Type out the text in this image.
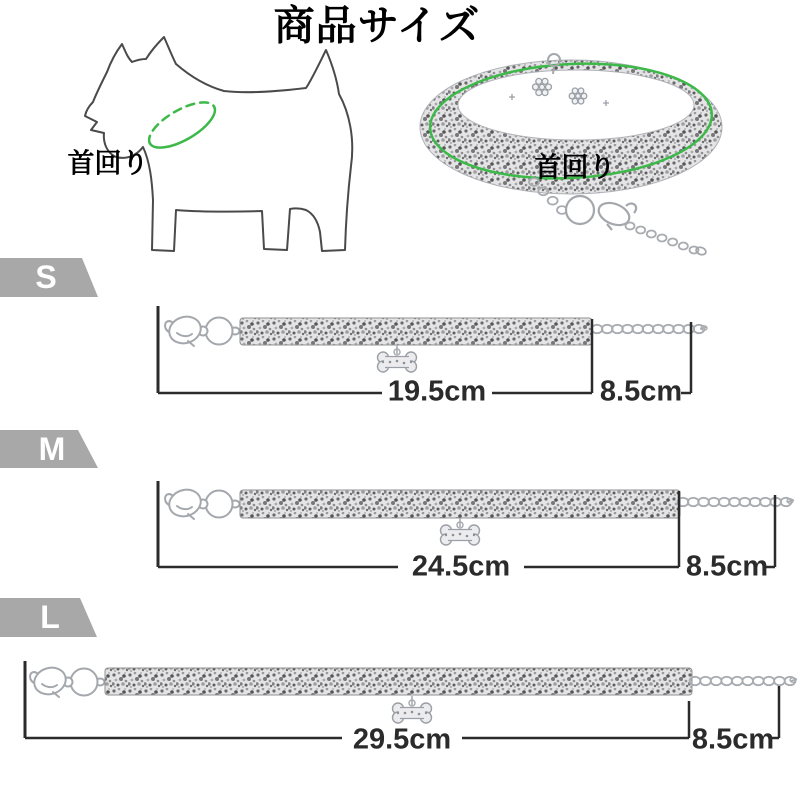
商品サイズ
首回り	首回り
S
M
L
19.5cm	8.5cm
24.5cm	8.5cm
29.5cm	8.5cm
